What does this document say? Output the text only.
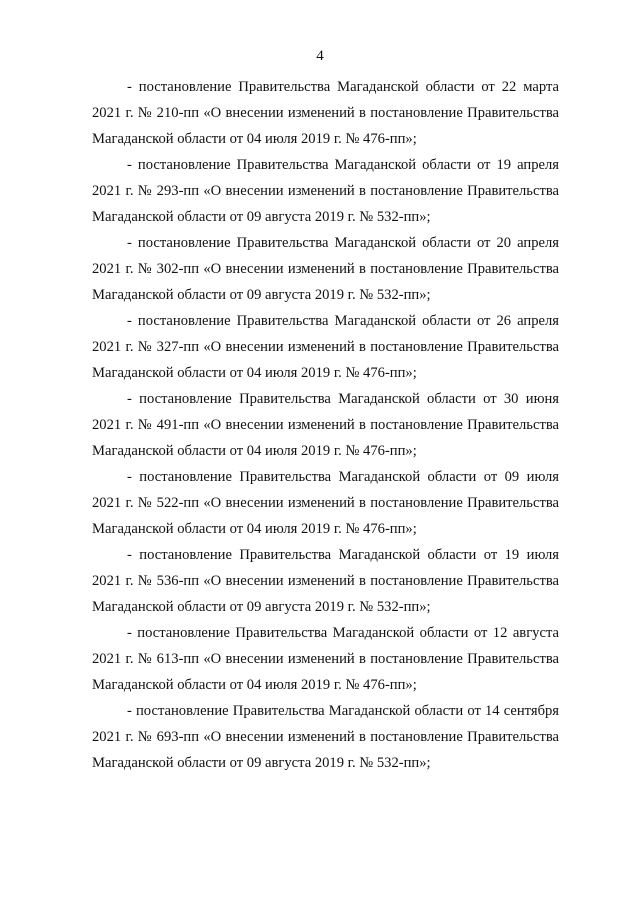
4

- постановление Правительства Магаданской области от 22 марта
2021 г. № 210-пп «О внесении изменений в постановление Правительства
Магаданской области от 04 июля 2019 г. № 476-пп»;

- постановление Правительства Магаданской области от 19 апреля
2021 г. № 293-пп «О внесении изменений в постановление Правительства
Магаданской области от 09 августа 2019 г. № 532-пп»;

- постановление Правительства Магаданской области от 20 апреля
2021 г. № 302-пп «О внесении изменений в постановление Правительства
Магаданской области от 09 августа 2019 г. № 532-пп»;

- постановление Правительства Магаданской области от 26 апреля
2021 г. № 327-пп «О внесении изменений в постановление Правительства
Магаданской области от 04 июля 2019 г. № 476-пп»;

- постановление Правительства Магаданской области от 30 июня
2021 г. № 491-пп «О внесении изменений в постановление Правительства
Магаданской области от 04 июля 2019 г. № 476-пп»;

- постановление Правительства Магаданской области от 09 июля
2021 г. № 522-пп «О внесении изменений в постановление Правительства
Магаданской области от 04 июля 2019 г. № 476-пп»;

- постановление Правительства Магаданской области от 19 июля
2021 г. № 536-пп «О внесении изменений в постановление Правительства
Магаданской области от 09 августа 2019 г. № 532-пп»;

- постановление Правительства Магаданской области от 12 августа
2021 г. № 613-пп «О внесении изменений в постановление Правительства
Магаданской области от 04 июля 2019 г. № 476-пп»;

- постановление Правительства Магаданской области от 14 сентября
2021 г. № 693-пп «О внесении изменений в постановление Правительства
Магаданской области от 09 августа 2019 г. № 532-пп»;
